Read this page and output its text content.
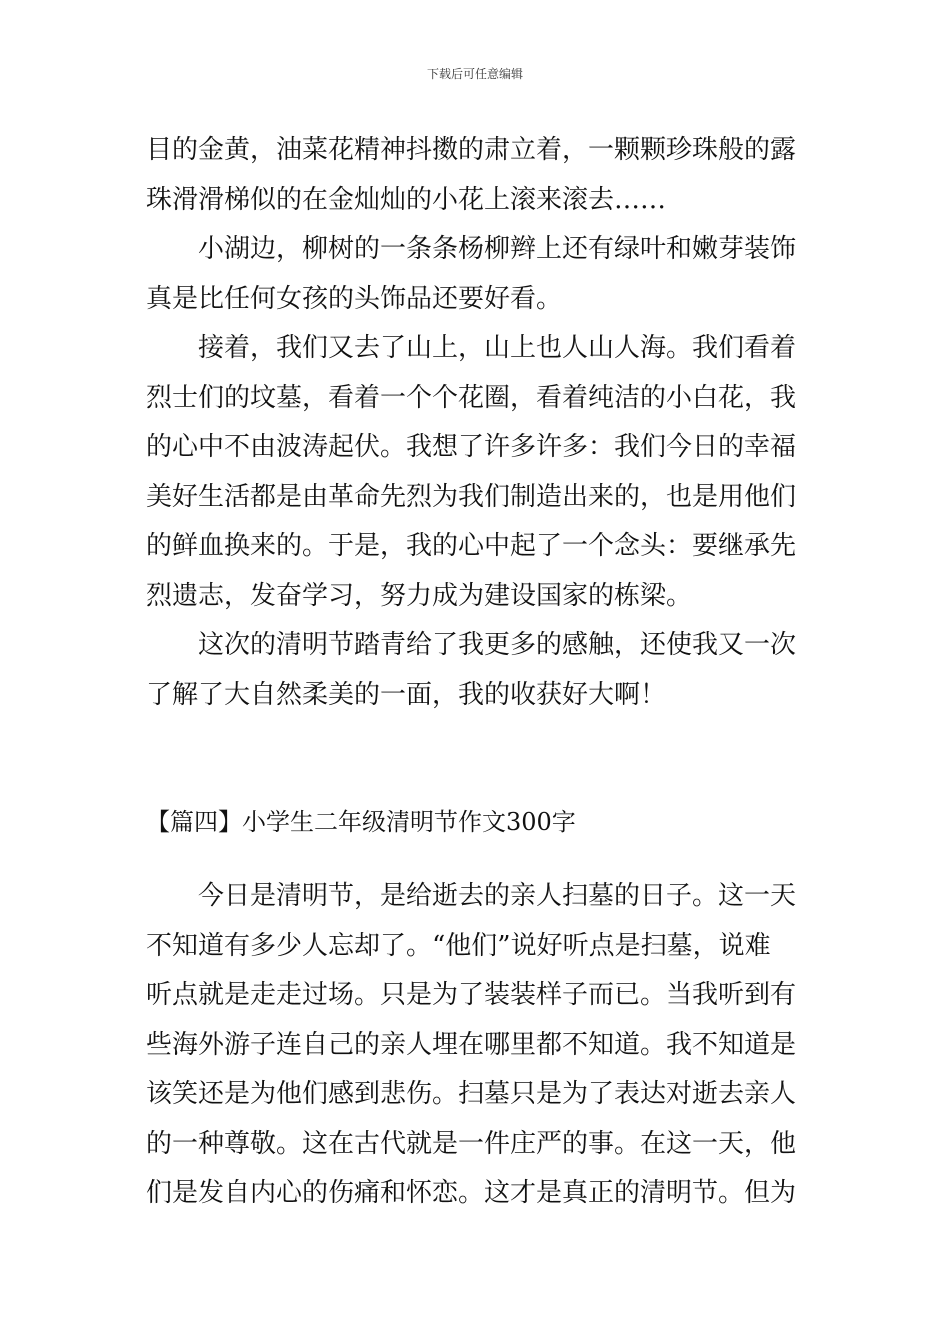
下载后可任意编辑

目的金黄，油菜花精神抖擞的肃立着，一颗颗珍珠般的露

珠滑滑梯似的在金灿灿的小花上滚来滚去……

小湖边，柳树的一条条杨柳辫上还有绿叶和嫩芽装饰

真是比任何女孩的头饰品还要好看。

接着，我们又去了山上，山上也人山人海。我们看着

烈士们的坟墓，看着一个个花圈，看着纯洁的小白花，我

的心中不由波涛起伏。我想了许多许多：我们今日的幸福

美好生活都是由革命先烈为我们制造出来的，也是用他们

的鲜血换来的。于是，我的心中起了一个念头：要继承先

烈遗志，发奋学习，努力成为建设国家的栋梁。

这次的清明节踏青给了我更多的感触，还使我又一次

了解了大自然柔美的一面，我的收获好大啊！

【篇四】小学生二年级清明节作文300字

今日是清明节，是给逝去的亲人扫墓的日子。这一天

不知道有多少人忘却了。“他们”说好听点是扫墓，说难

听点就是走走过场。只是为了装装样子而已。当我听到有

些海外游子连自己的亲人埋在哪里都不知道。我不知道是

该笑还是为他们感到悲伤。扫墓只是为了表达对逝去亲人

的一种尊敬。这在古代就是一件庄严的事。在这一天，他

们是发自内心的伤痛和怀恋。这才是真正的清明节。但为
